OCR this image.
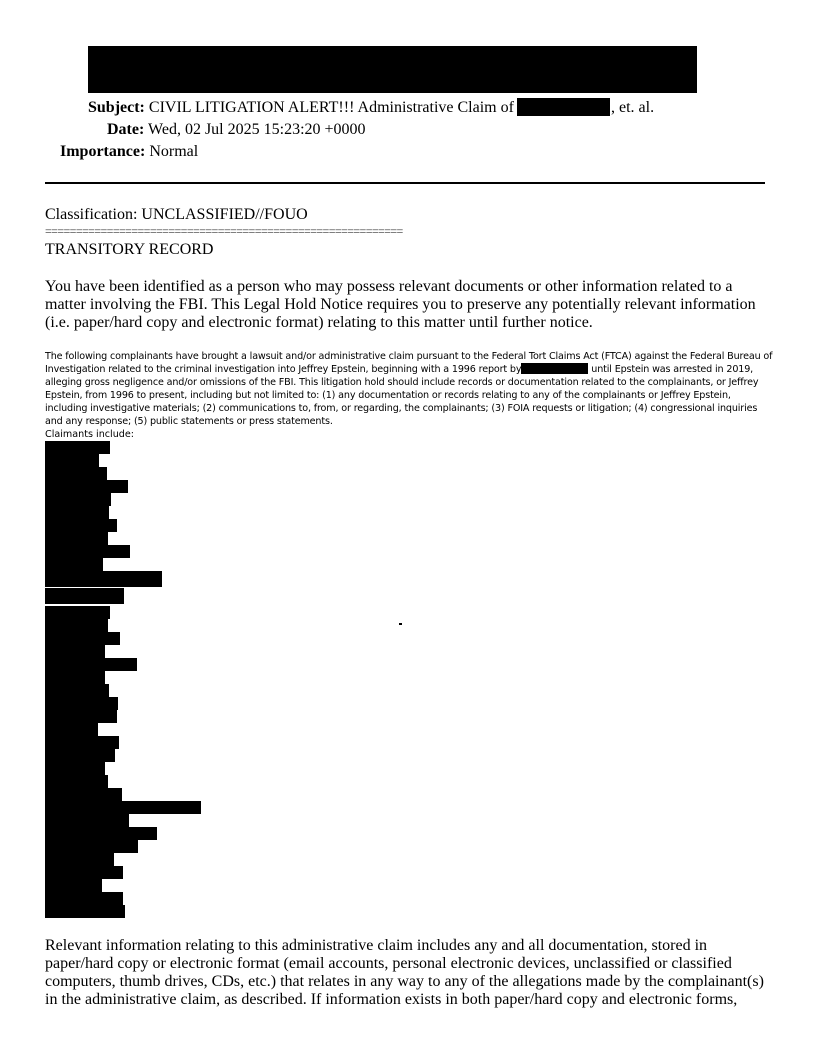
Subject: CIVIL LITIGATION ALERT!!! Administrative Claim of	, et. al.
Date: Wed, 02 Jul 2025 15:23:20 +0000
Importance: Normal
Classification: UNCLASSIFIED//FOUO
==========================================================
TRANSITORY RECORD
You have been identified as a person who may possess relevant documents or other information related to a matter involving the FBI. This Legal Hold Notice requires you to preserve any potentially relevant information (i.e. paper/hard copy and electronic format) relating to this matter until further notice.
The following complainants have brought a lawsuit and/or administrative claim pursuant to the Federal Tort Claims Act (FTCA) against the Federal Bureau of Investigation related to the criminal investigation into Jeffrey Epstein, beginning with a 1996 report by	until Epstein was arrested in 2019, alleging gross negligence and/or omissions of the FBI. This litigation hold should include records or documentation related to the complainants, or Jeffrey Epstein, from 1996 to present, including but not limited to: (1) any documentation or records relating to any of the complainants or Jeffrey Epstein, including investigative materials; (2) communications to, from, or regarding, the complainants; (3) FOIA requests or litigation; (4) congressional inquiries and any response; (5) public statements or press statements.
Claimants include:
Relevant information relating to this administrative claim includes any and all documentation, stored in paper/hard copy or electronic format (email accounts, personal electronic devices, unclassified or classified computers, thumb drives, CDs, etc.) that relates in any way to any of the allegations made by the complainant(s) in the administrative claim, as described. If information exists in both paper/hard copy and electronic forms,
